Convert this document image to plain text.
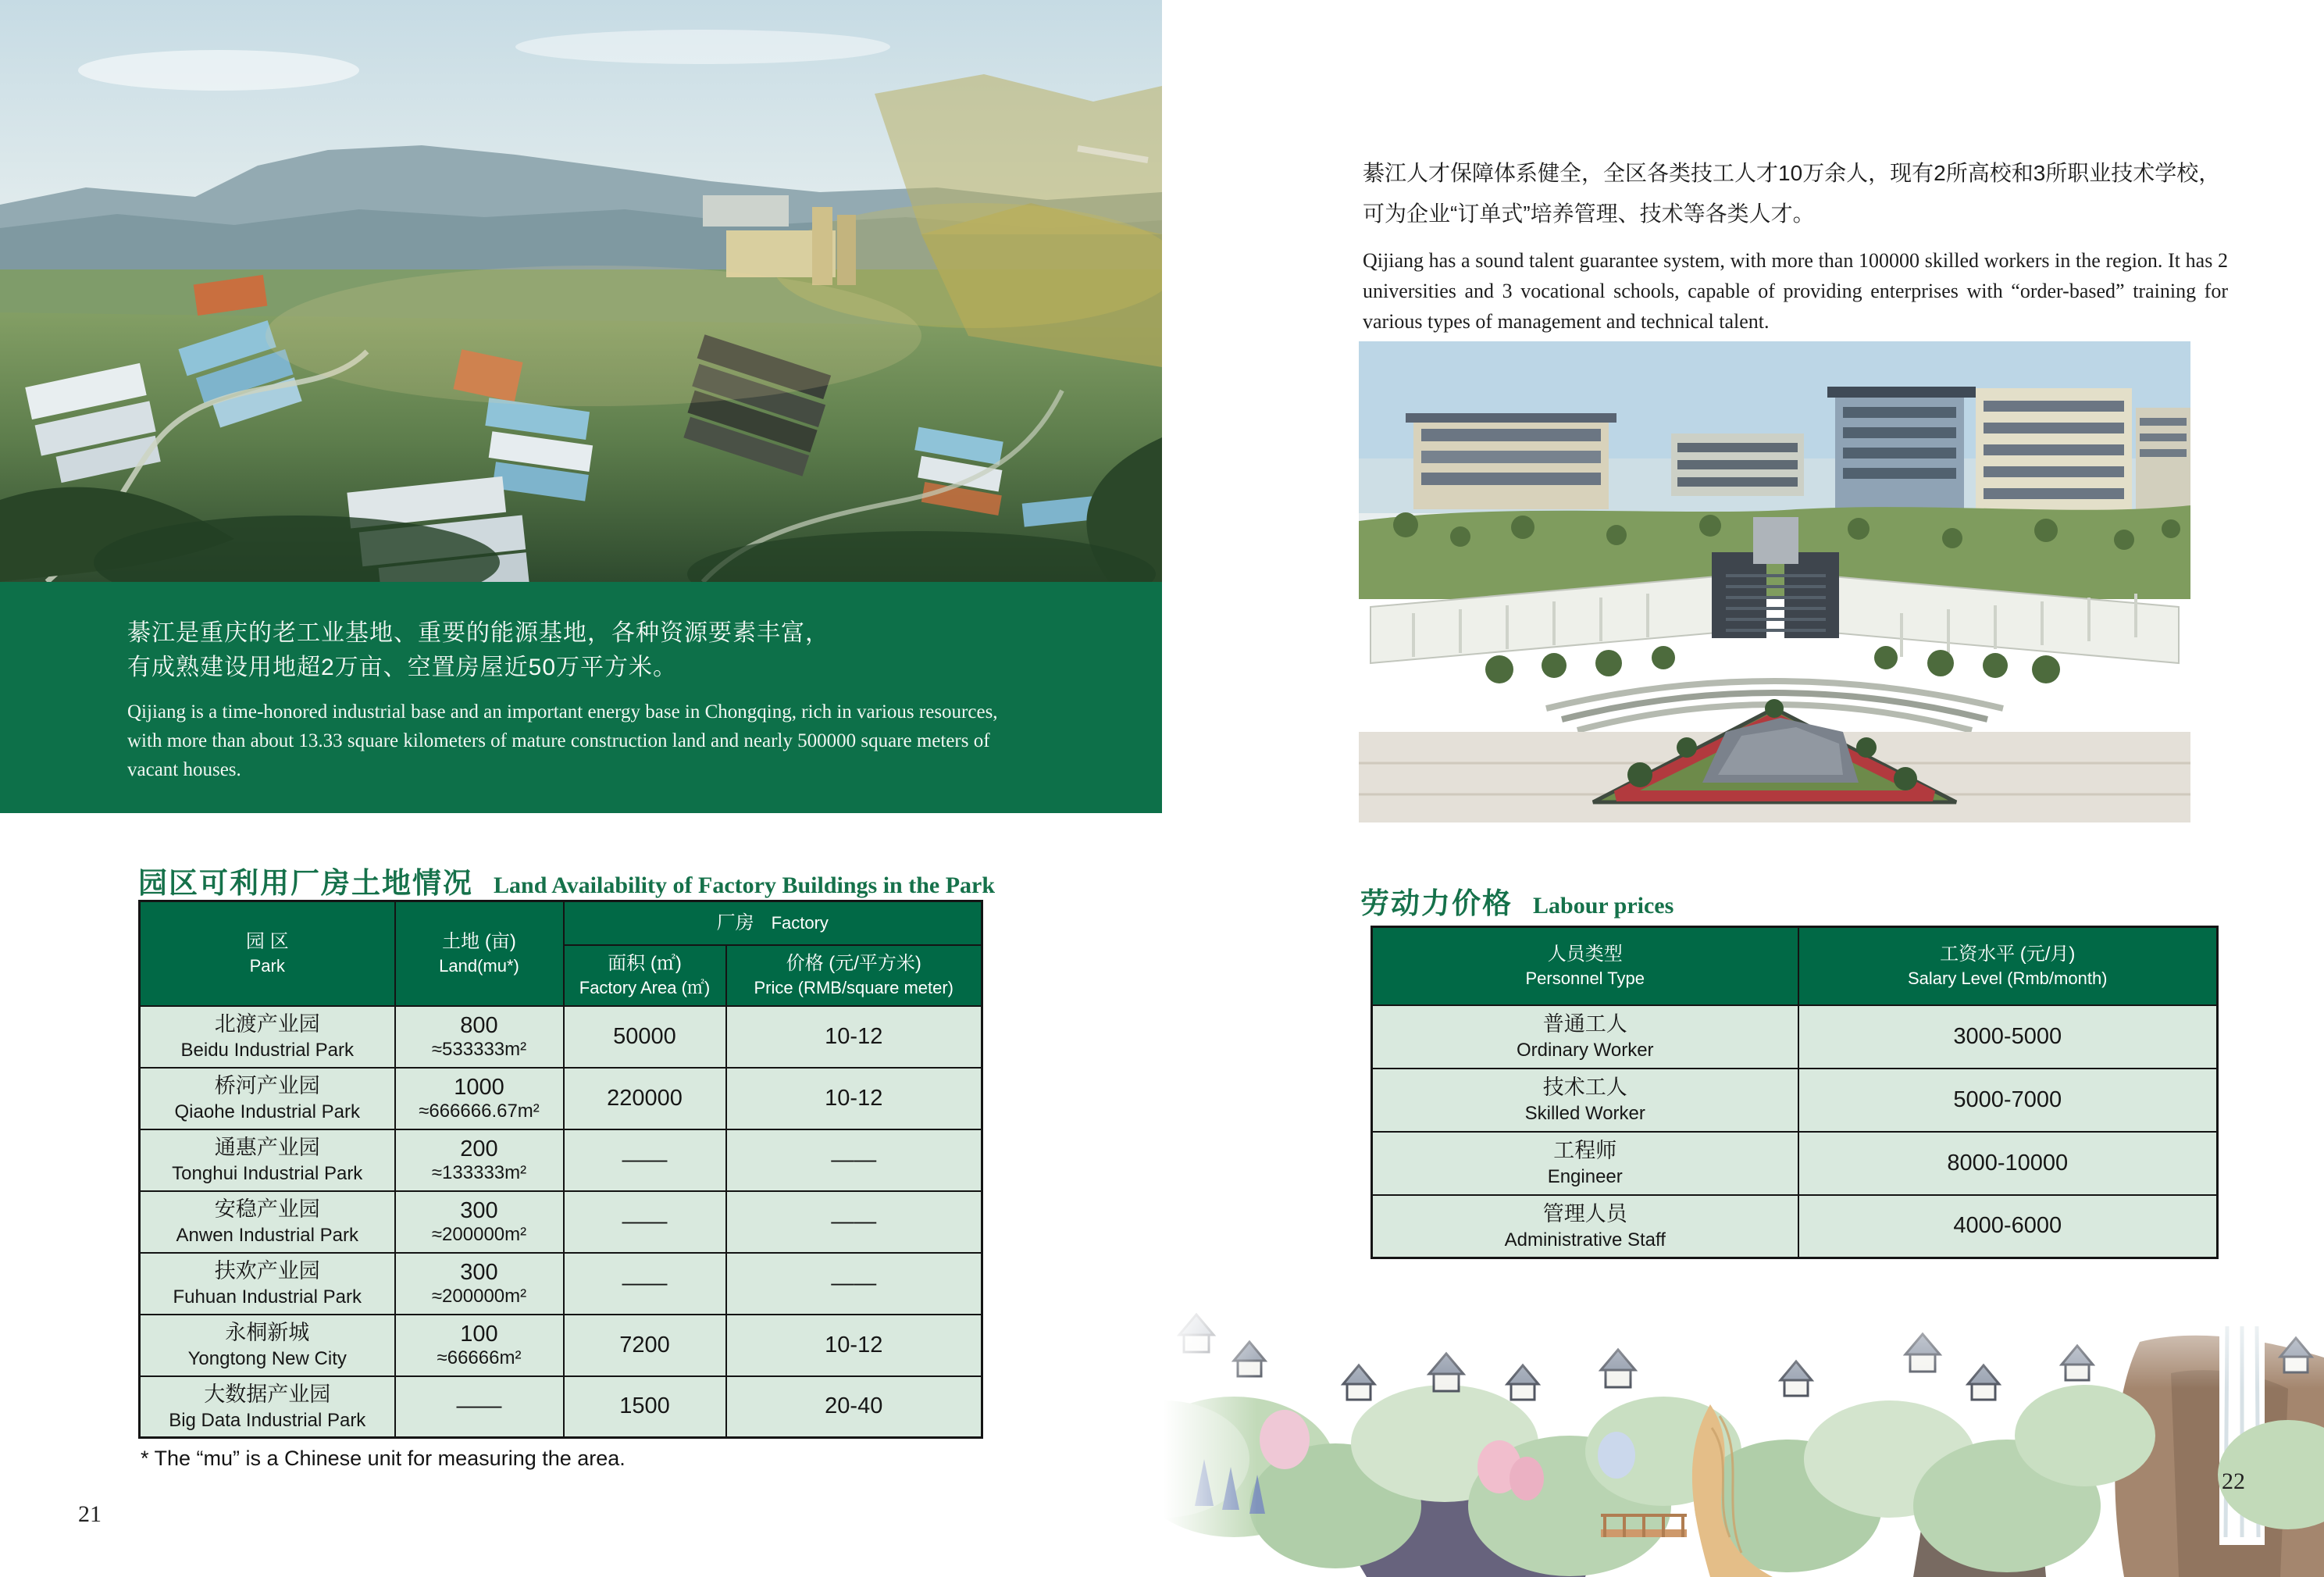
綦江是重庆的老工业基地、重要的能源基地，各种资源要素丰富，
有成熟建设用地超2万亩、空置房屋近50万平方米。
Qijiang is a time-honored industrial base and an important energy base in Chongqing, rich in various resources, with more than about 13.33 square kilometers of mature construction land and nearly 500000 square meters of vacant houses.
园区可利用厂房土地情况 Land Availability of Factory Buildings in the Park
园 区
Park	土地 (亩)
Land(mu*)	厂房 Factory	

		面积 (㎡)
Factory Area (㎡)	价格 (元/平方米)
Price (RMB/square meter)

北渡产业园
Beidu Industrial Park	800
≈533333m²	50000	10-12

桥河产业园
Qiaohe Industrial Park	1000
≈666666.67m²	220000	10-12

通惠产业园
Tonghui Industrial Park	200
≈133333m²	——	——

安稳产业园
Anwen Industrial Park	300
≈200000m²	——	——

扶欢产业园
Fuhuan Industrial Park	300
≈200000m²	——	——

永桐新城
Yongtong New City	100
≈66666m²	7200	10-12

大数据产业园
Big Data Industrial Park	——	1500	20-40
* The “mu” is a Chinese unit for measuring the area.
21
綦江人才保障体系健全，全区各类技工人才10万余人，现有2所高校和3所职业技术学校，
可为企业“订单式”培养管理、技术等各类人才。
Qijiang has a sound talent guarantee system, with more than 100000 skilled workers in the region. It has 2 universities and 3 vocational schools, capable of providing enterprises with “order-based” training for various types of management and technical talent.
劳动力价格 Labour prices
人员类型
Personnel Type	工资水平 (元/月)
Salary Level (Rmb/month)

普通工人
Ordinary Worker	3000-5000

技术工人
Skilled Worker	5000-7000

工程师
Engineer	8000-10000

管理人员
Administrative Staff	4000-6000
22
